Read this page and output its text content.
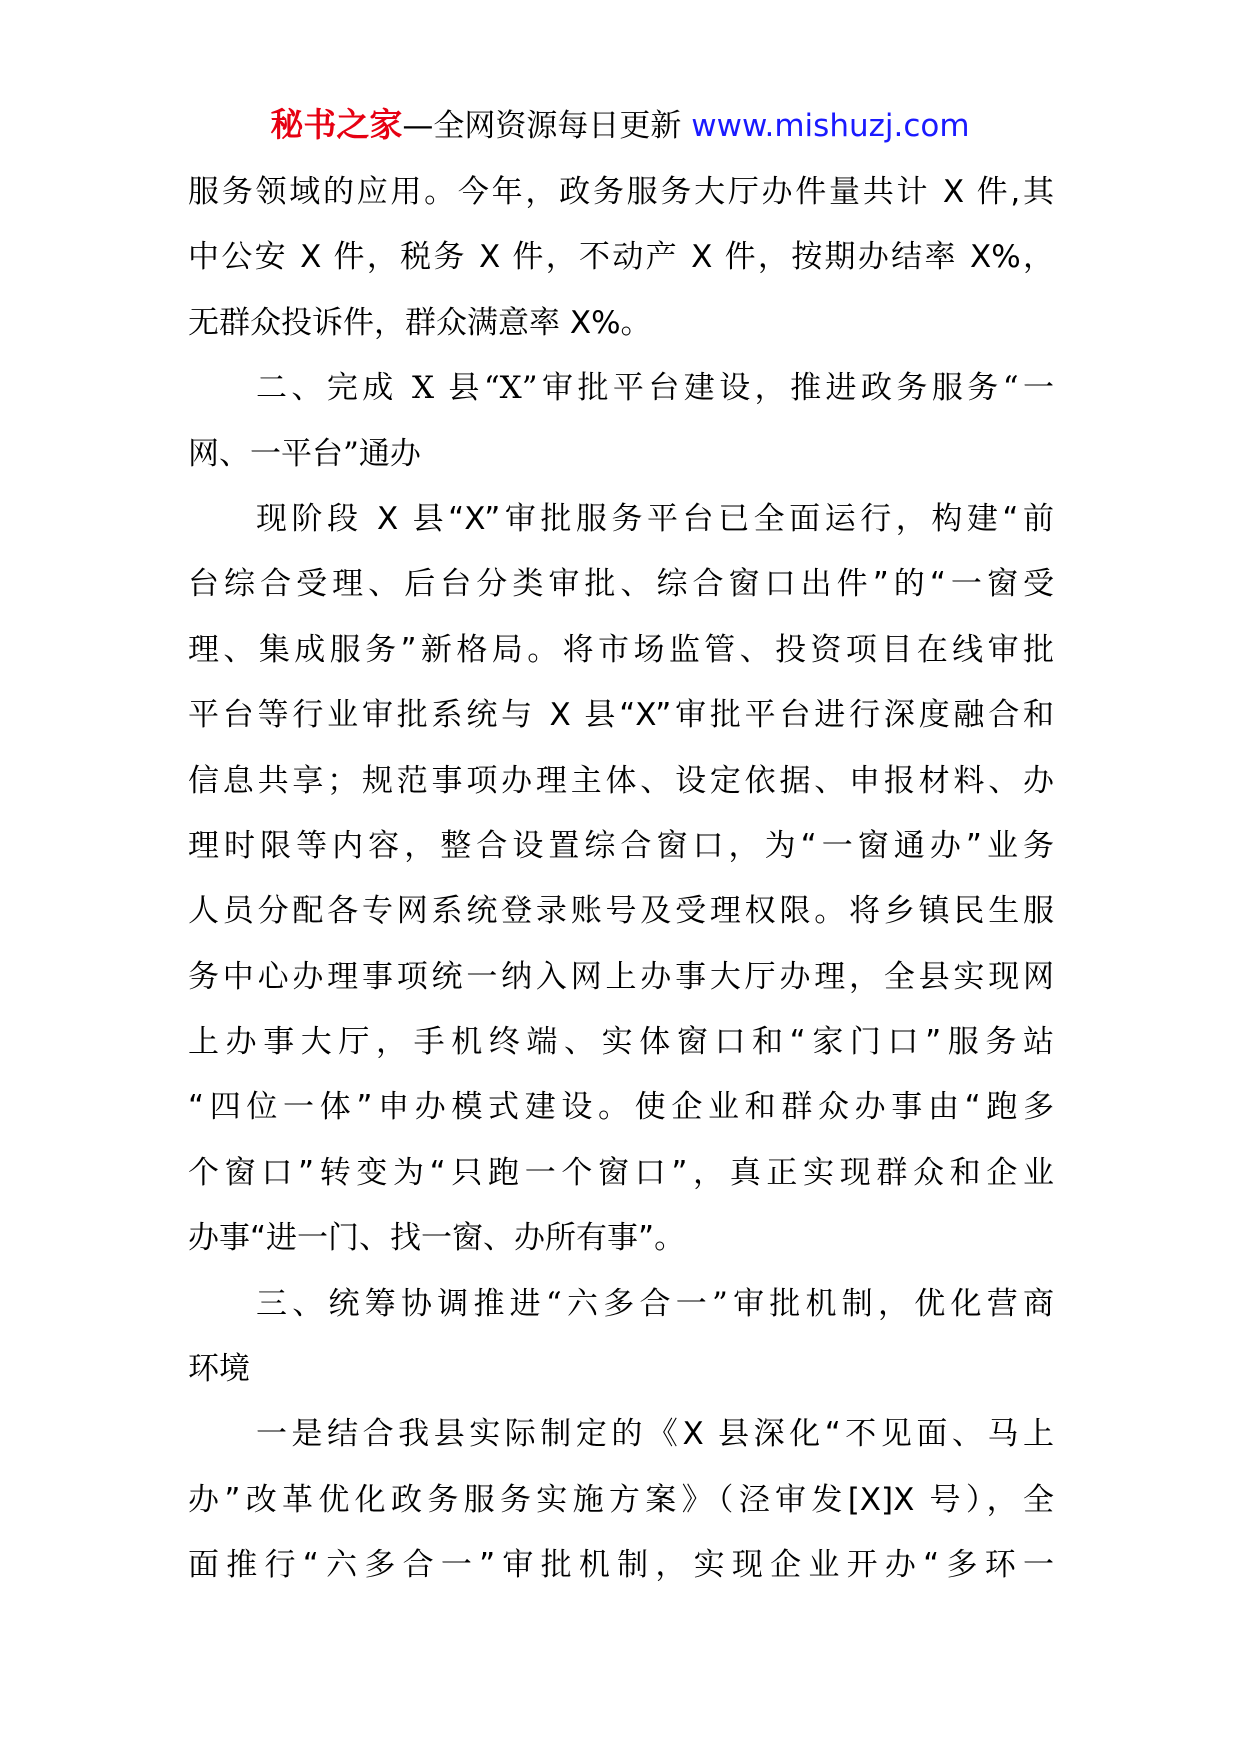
秘书之家—全网资源每日更新 www.mishuzj.com
服务领域的应用。今年，政务服务大厅办件量共计 X 件,其
中公安 X 件，税务 X 件，不动产 X 件，按期办结率 X%，
无群众投诉件，群众满意率 X%。
二、完成 X 县“X”审批平台建设，推进政务服务“一
网、一平台”通办
现阶段 X 县“X”审批服务平台已全面运行，构建“前
台综合受理、后台分类审批、综合窗口出件”的“一窗受
理、集成服务”新格局。将市场监管、投资项目在线审批
平台等行业审批系统与 X 县“X”审批平台进行深度融合和
信息共享；规范事项办理主体、设定依据、申报材料、办
理时限等内容，整合设置综合窗口，为“一窗通办”业务
人员分配各专网系统登录账号及受理权限。将乡镇民生服
务中心办理事项统一纳入网上办事大厅办理，全县实现网
上办事大厅，手机终端、实体窗口和“家门口”服务站
“四位一体”申办模式建设。使企业和群众办事由“跑多
个窗口”转变为“只跑一个窗口”，真正实现群众和企业
办事“进一门、找一窗、办所有事”。
三、统筹协调推进“六多合一”审批机制，优化营商
环境
一是结合我县实际制定的《X 县深化“不见面、马上
办”改革优化政务服务实施方案》（泾审发[X]X 号），全
面推行“六多合一”审批机制，实现企业开办“多环一
